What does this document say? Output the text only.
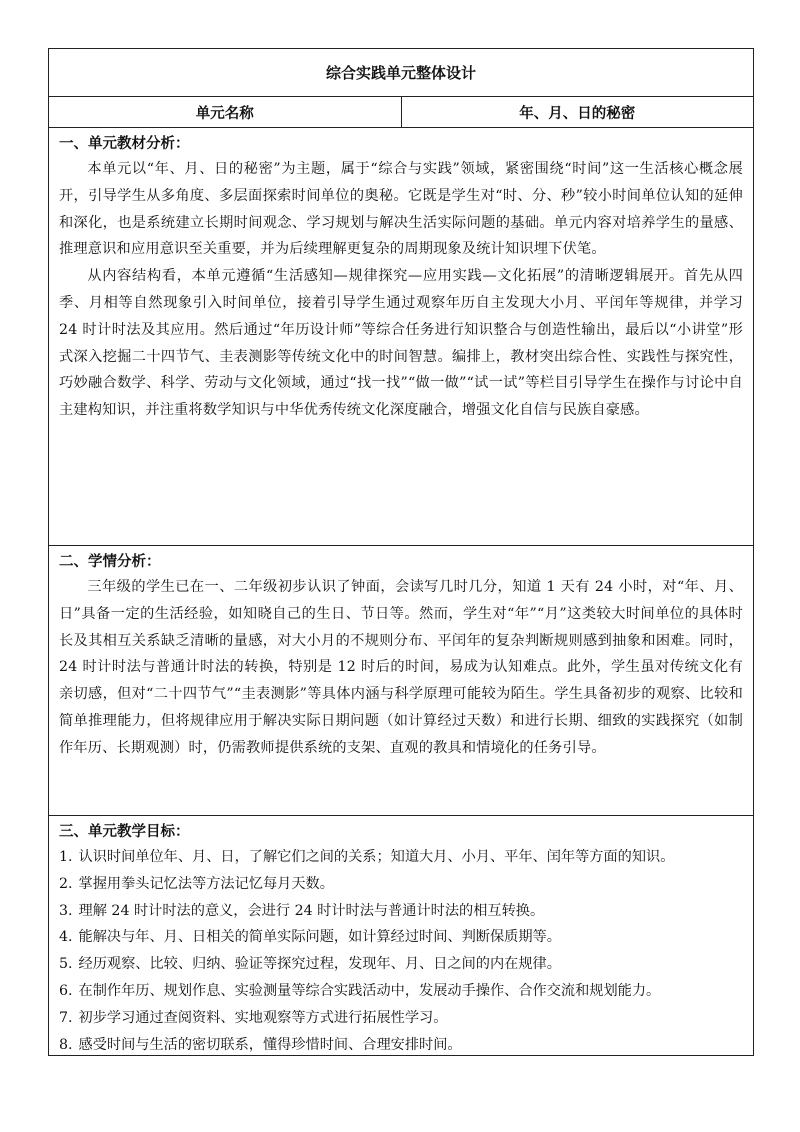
综合实践单元整体设计
单元名称	年、月、日的秘密

一、单元教材分析：

本单元以“年、月、日的秘密”为主题，属于“综合与实践”领域，紧密围绕“时间”这一生活核心概念展开，引导学生从多角度、多层面探索时间单位的奥秘。它既是学生对“时、分、秒”较小时间单位认知的延伸和深化，也是系统建立长期时间观念、学习规划与解决生活实际问题的基础。单元内容对培养学生的量感、推理意识和应用意识至关重要，并为后续理解更复杂的周期现象及统计知识埋下伏笔。

从内容结构看，本单元遵循“生活感知—规律探究—应用实践—文化拓展”的清晰逻辑展开。首先从四季、月相等自然现象引入时间单位，接着引导学生通过观察年历自主发现大小月、平闰年等规律，并学习 24 时计时法及其应用。然后通过“年历设计师”等综合任务进行知识整合与创造性输出，最后以“小讲堂”形式深入挖掘二十四节气、圭表测影等传统文化中的时间智慧。编排上，教材突出综合性、实践性与探究性，巧妙融合数学、科学、劳动与文化领域，通过“找一找”“做一做”“试一试”等栏目引导学生在操作与讨论中自主建构知识，并注重将数学知识与中华优秀传统文化深度融合，增强文化自信与民族自豪感。

二、学情分析：

三年级的学生已在一、二年级初步认识了钟面，会读写几时几分，知道 1 天有 24 小时，对“年、月、日”具备一定的生活经验，如知晓自己的生日、节日等。然而，学生对“年”“月”这类较大时间单位的具体时长及其相互关系缺乏清晰的量感，对大小月的不规则分布、平闰年的复杂判断规则感到抽象和困难。同时，24 时计时法与普通计时法的转换，特别是 12 时后的时间，易成为认知难点。此外，学生虽对传统文化有亲切感，但对“二十四节气”“圭表测影”等具体内涵与科学原理可能较为陌生。学生具备初步的观察、比较和简单推理能力，但将规律应用于解决实际日期问题（如计算经过天数）和进行长期、细致的实践探究（如制作年历、长期观测）时，仍需教师提供系统的支架、直观的教具和情境化的任务引导。

三、单元教学目标：

1. 认识时间单位年、月、日，了解它们之间的关系；知道大月、小月、平年、闰年等方面的知识。
2. 掌握用拳头记忆法等方法记忆每月天数。
3. 理解 24 时计时法的意义，会进行 24 时计时法与普通计时法的相互转换。
4. 能解决与年、月、日相关的简单实际问题，如计算经过时间、判断保质期等。
5. 经历观察、比较、归纳、验证等探究过程，发现年、月、日之间的内在规律。
6. 在制作年历、规划作息、实验测量等综合实践活动中，发展动手操作、合作交流和规划能力。
7. 初步学习通过查阅资料、实地观察等方式进行拓展性学习。
8. 感受时间与生活的密切联系，懂得珍惜时间、合理安排时间。
